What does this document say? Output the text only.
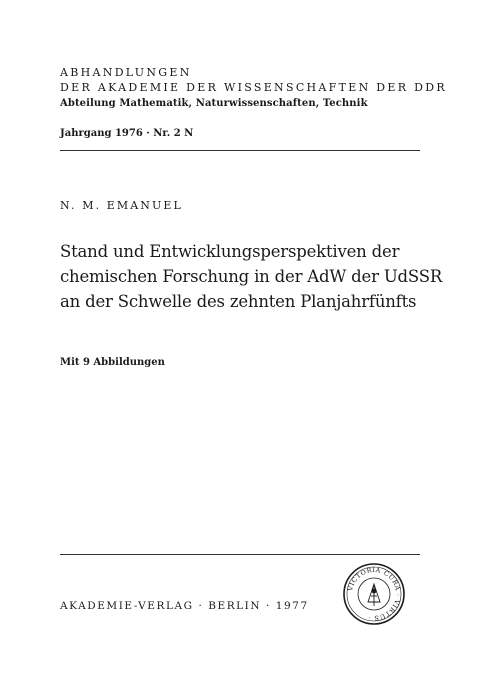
ABHANDLUNGEN
DER AKADEMIE DER WISSENSCHAFTEN DER DDR
Abteilung Mathematik, Naturwissenschaften, Technik
Jahrgang 1976 · Nr. 2 N
N. M. EMANUEL
Stand und Entwicklungsperspektiven der
chemischen Forschung in der AdW der UdSSR
an der Schwelle des zehnten Planjahrfünfts
Mit 9 Abbildungen
VICTORIA CURA · VIRTUS ·
AKADEMIE-VERLAG · BERLIN · 1977
